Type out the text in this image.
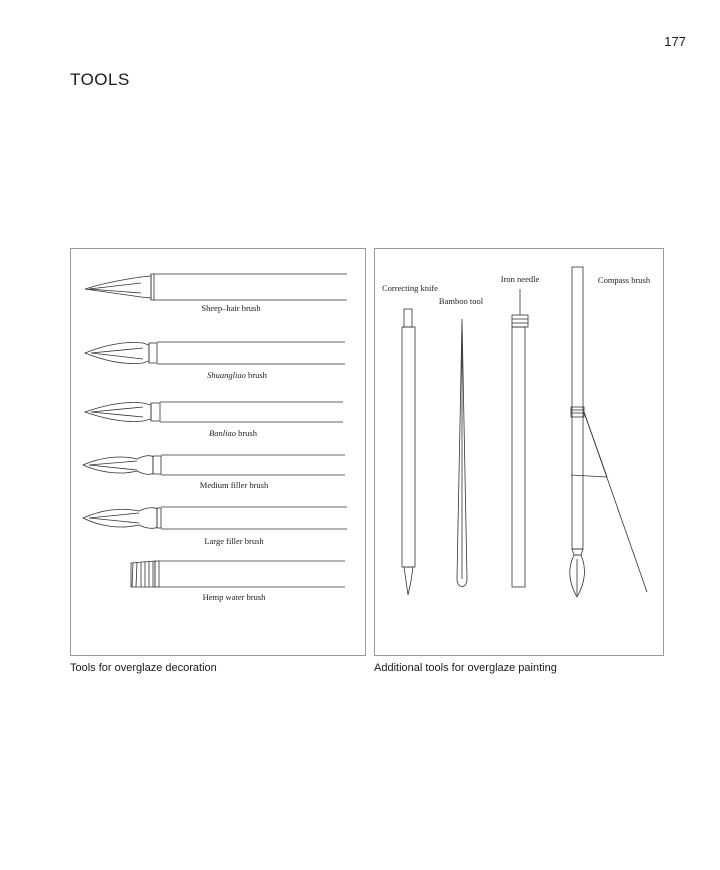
177
TOOLS
Sheep–hair brush
Shuangliao brush
Banliao brush
Medium filler brush
Large filler brush
Hemp water brush
Correcting knife
Bamboo tool
Iron needle	Compass brush
Tools for overglaze decoration	Additional tools for overglaze painting
